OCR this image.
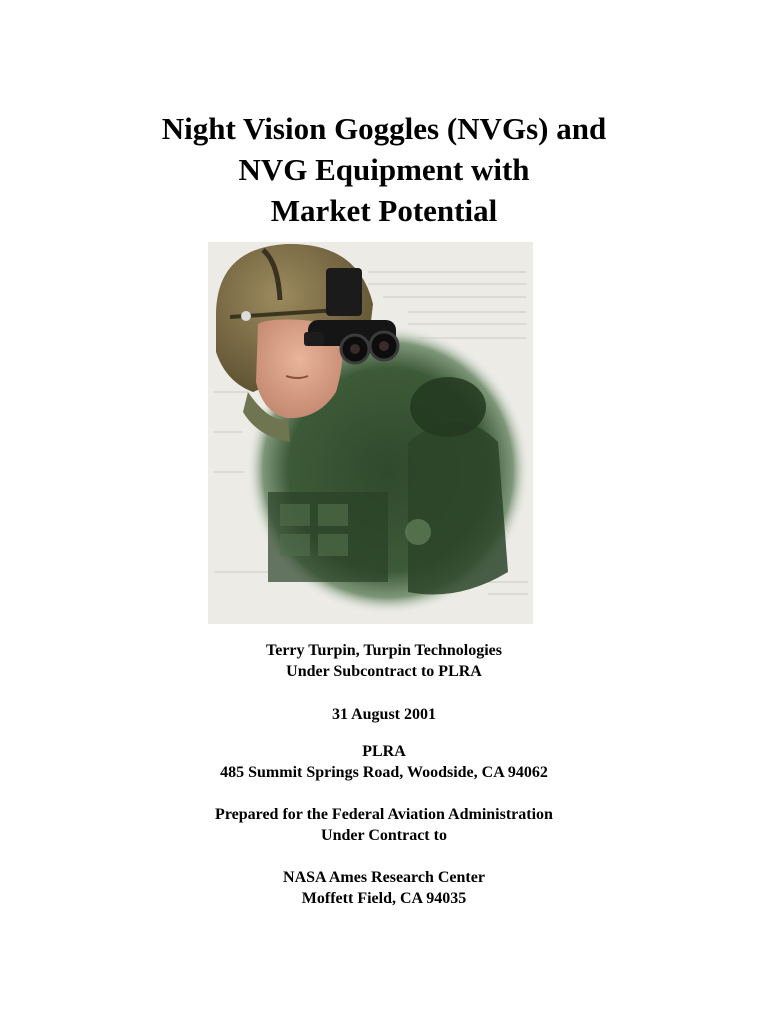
Night Vision Goggles (NVGs) and
NVG Equipment with
Market Potential
Terry Turpin, Turpin Technologies
Under Subcontract to PLRA
31 August 2001
PLRA
485 Summit Springs Road, Woodside, CA 94062
Prepared for the Federal Aviation Administration
Under Contract to
NASA Ames Research Center
Moffett Field, CA 94035
